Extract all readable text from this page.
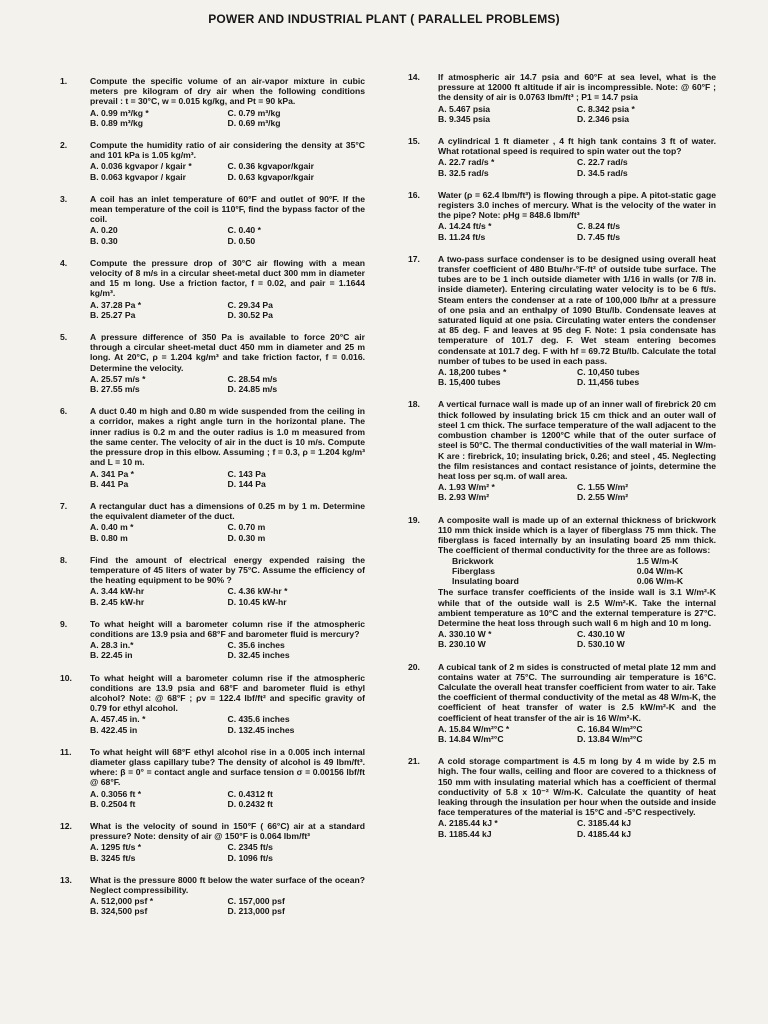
POWER AND INDUSTRIAL PLANT ( PARALLEL PROBLEMS)
1.	Compute the specific volume of an air-vapor mixture in cubic meters pre kilogram of dry air when the following conditions prevail : t = 30°C, w = 0.015 kg/kg, and Pt = 90 kPa.
A. 0.99 m³/kg *	C. 0.79 m³/kg
B. 0.89 m³/kg	D. 0.69 m³/kg
2.	Compute the humidity ratio of air considering the density at 35°C and 101 kPa is 1.05 kg/m³.
A. 0.036 kgvapor / kgair *	C. 0.36 kgvapor/kgair
B. 0.063 kgvapor / kgair	D. 0.63 kgvapor/kgair
3.	A coil has an inlet temperature of 60°F and outlet of 90°F. If the mean temperature of the coil is 110°F, find the bypass factor of the coil.
A. 0.20	C. 0.40 *
B. 0.30	D. 0.50
4.	Compute the pressure drop of 30°C air flowing with a mean velocity of 8 m/s in a circular sheet-metal duct 300 mm in diameter and 15 m long. Use a friction factor, f = 0.02, and ρair = 1.1644 kg/m³.
A. 37.28 Pa *	C. 29.34 Pa
B. 25.27 Pa	D. 30.52 Pa
5.	A pressure difference of 350 Pa is available to force 20°C air through a circular sheet-metal duct 450 mm in diameter and 25 m long. At 20°C, ρ = 1.204 kg/m³ and take friction factor, f = 0.016. Determine the velocity.
A. 25.57 m/s *	C. 28.54 m/s
B. 27.55 m/s	D. 24.85 m/s
6.	A duct 0.40 m high and 0.80 m wide suspended from the ceiling in a corridor, makes a right angle turn in the horizontal plane. The inner radius is 0.2 m and the outer radius is 1.0 m measured from the same center. The velocity of air in the duct is 10 m/s. Compute the pressure drop in this elbow. Assuming ; f = 0.3, ρ = 1.204 kg/m³ and L = 10 m.
A. 341 Pa *	C. 143 Pa
B. 441 Pa	D. 144 Pa
7.	A rectangular duct has a dimensions of 0.25 m by 1 m. Determine the equivalent diameter of the duct.
A. 0.40 m *	C. 0.70 m
B. 0.80 m	D. 0.30 m
8.	Find the amount of electrical energy expended raising the temperature of 45 liters of water by 75°C. Assume the efficiency of the heating equipment to be 90% ?
A. 3.44 kW-hr	C. 4.36 kW-hr *
B. 2.45 kW-hr	D. 10.45 kW-hr
9.	To what height will a barometer column rise if the atmospheric conditions are 13.9 psia and 68°F and barometer fluid is mercury?
A. 28.3 in.*	C. 35.6 inches
B. 22.45 in	D. 32.45 inches
10.	To what height will a barometer column rise if the atmospheric conditions are 13.9 psia and 68°F and barometer fluid is ethyl alcohol? Note: @ 68°F ; ρv = 122.4 lbf/ft² and specific gravity of 0.79 for ethyl alcohol.
A. 457.45 in. *	C. 435.6 inches
B. 422.45 in	D. 132.45 inches
11.	To what height will 68°F ethyl alcohol rise in a 0.005 inch internal diameter glass capillary tube? The density of alcohol is 49 lbm/ft³. where: β = 0° = contact angle and surface tension σ = 0.00156 lbf/ft @ 68°F.
A. 0.3056 ft *	C. 0.4312 ft
B. 0.2504 ft	D. 0.2432 ft
12.	What is the velocity of sound in 150°F ( 66°C) air at a standard pressure? Note: density of air @ 150°F is 0.064 lbm/ft³
A. 1295 ft/s *	C. 2345 ft/s
B. 3245 ft/s	D. 1096 ft/s
13.	What is the pressure 8000 ft below the water surface of the ocean? Neglect compressibility.
A. 512,000 psf *	C. 157,000 psf
B. 324,500 psf	D. 213,000 psf
14.	If atmospheric air 14.7 psia and 60°F at sea level, what is the pressure at 12000 ft altitude if air is incompressible. Note: @ 60°F ; the density of air is 0.0763 lbm/ft³ ; P1 = 14.7 psia
A. 5.467 psia	C. 8.342 psia *
B. 9.345 psia	D. 2.346 psia
15.	A cylindrical 1 ft diameter , 4 ft high tank contains 3 ft of water. What rotational speed is required to spin water out the top?
A. 22.7 rad/s *	C. 22.7 rad/s
B. 32.5 rad/s	D. 34.5 rad/s
16.	Water (ρ = 62.4 lbm/ft³) is flowing through a pipe. A pitot-static gage registers 3.0 inches of mercury. What is the velocity of the water in the pipe? Note: ρHg = 848.6 lbm/ft³
A. 14.24 ft/s *	C. 8.24 ft/s
B. 11.24 ft/s	D. 7.45 ft/s
17.	A two-pass surface condenser is to be designed using overall heat transfer coefficient of 480 Btu/hr-°F-ft² of outside tube surface. The tubes are to be 1 inch outside diameter with 1/16 in walls (or 7/8 in. inside diameter). Entering circulating water velocity is to be 6 ft/s. Steam enters the condenser at a rate of 100,000 lb/hr at a pressure of one psia and an enthalpy of 1090 Btu/lb. Condensate leaves at saturated liquid at one psia. Circulating water enters the condenser at 85 deg. F and leaves at 95 deg F. Note: 1 psia condensate has temperature of 101.7 deg. F. Wet steam entering becomes condensate at 101.7 deg. F with hf = 69.72 Btu/lb. Calculate the total number of tubes to be used in each pass.
A. 18,200 tubes *	C. 10,450 tubes
B. 15,400 tubes	D. 11,456 tubes
18.	A vertical furnace wall is made up of an inner wall of firebrick 20 cm thick followed by insulating brick 15 cm thick and an outer wall of steel 1 cm thick. The surface temperature of the wall adjacent to the combustion chamber is 1200°C while that of the outer surface of steel is 50°C. The thermal conductivities of the wall material in W/m-K are : firebrick, 10; insulating brick, 0.26; and steel , 45. Neglecting the film resistances and contact resistance of joints, determine the heat loss per sq.m. of wall area.
A. 1.93 W/m² *	C. 1.55 W/m²
B. 2.93 W/m²	D. 2.55 W/m²
19.	A composite wall is made up of an external thickness of brickwork 110 mm thick inside which is a layer of fiberglass 75 mm thick. The fiberglass is faced internally by an insulating board 25 mm thick. The coefficient of thermal conductivity for the three are as follows:
Brickwork	1.5 W/m-K
Fiberglass	0.04 W/m-K
Insulating board	0.06 W/m-K
The surface transfer coefficients of the inside wall is 3.1 W/m²-K while that of the outside wall is 2.5 W/m²-K. Take the internal ambient temperature as 10°C and the external temperature is 27°C. Determine the heat loss through such wall 6 m high and 10 m long.
A. 330.10 W *	C. 430.10 W
B. 230.10 W	D. 530.10 W
20.	A cubical tank of 2 m sides is constructed of metal plate 12 mm and contains water at 75°C. The surrounding air temperature is 16°C. Calculate the overall heat transfer coefficient from water to air. Take the coefficient of thermal conductivity of the metal as 48 W/m-K, the coefficient of heat transfer of water is 2.5 kW/m²-K and the coefficient of heat transfer of the air is 16 W/m²-K.
A. 15.84 W/m²°C *	C. 16.84 W/m²°C
B. 14.84 W/m²°C	D. 13.84 W/m²°C
21.	A cold storage compartment is 4.5 m long by 4 m wide by 2.5 m high. The four walls, ceiling and floor are covered to a thickness of 150 mm with insulating material which has a coefficient of thermal conductivity of 5.8 x 10⁻² W/m-K. Calculate the quantity of heat leaking through the insulation per hour when the outside and inside face temperatures of the material is 15°C and -5°C respectively.
A. 2185.44 kJ *	C. 3185.44 kJ
B. 1185.44 kJ	D. 4185.44 kJ
